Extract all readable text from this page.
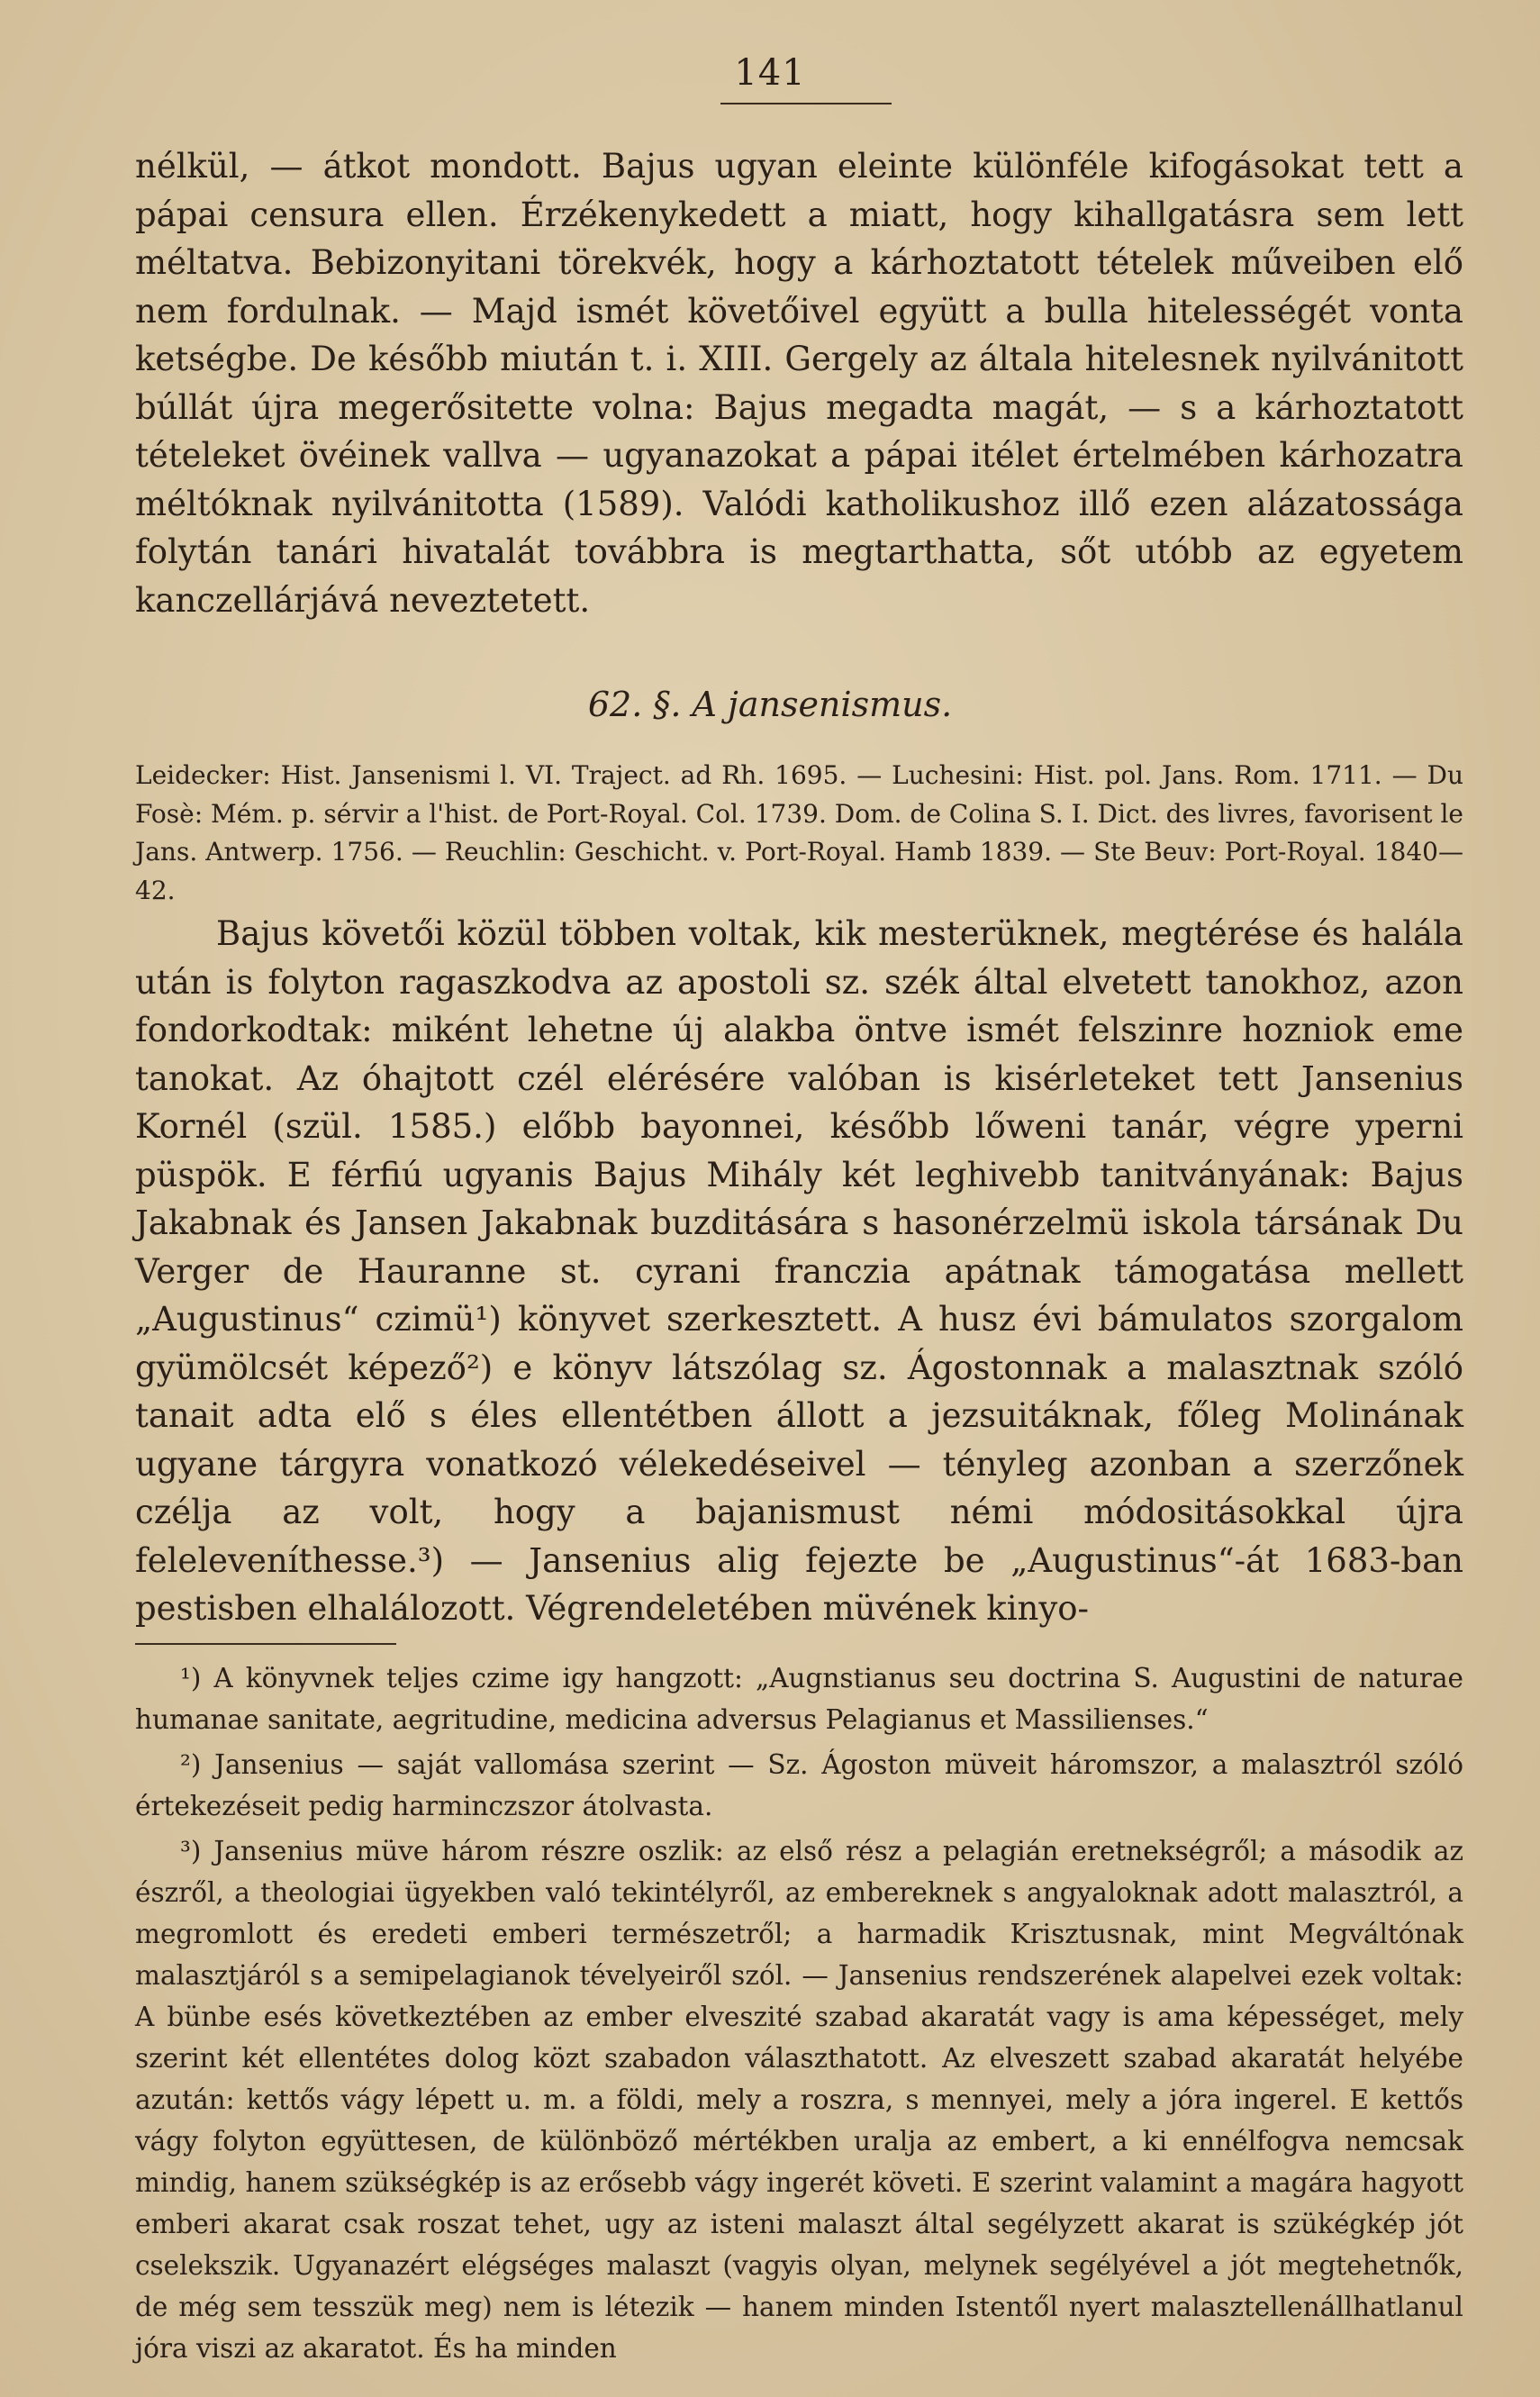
141

nélkül, — átkot mondott. Bajus ugyan eleinte különféle kifogásokat tett a pápai censura ellen. Érzékenykedett a miatt, hogy kihallgatásra sem lett méltatva. Bebizonyitani törekvék, hogy a kárhoztatott tételek műveiben elő nem fordulnak. — Majd ismét követőivel együtt a bulla hitelességét vonta ketségbe. De később miután t. i. XIII. Gergely az általa hitelesnek nyilvánitott búllát újra megerősitette volna: Bajus megadta magát, — s a kárhoztatott tételeket övéinek vallva — ugyanazokat a pápai itélet értelmében kárhozatra méltóknak nyilvánitotta (1589). Valódi katholikushoz illő ezen alázatossága folytán tanári hivatalát továbbra is megtarthatta, sőt utóbb az egyetem kanczellárjává neveztetett.

62. §. A jansenismus.

Leidecker: Hist. Jansenismi l. VI. Traject. ad Rh. 1695. — Luchesini: Hist. pol. Jans. Rom. 1711. — Du Fosè: Mém. p. sérvir a l'hist. de Port-Royal. Col. 1739. Dom. de Colina S. I. Dict. des livres, favorisent le Jans. Antwerp. 1756. — Reuchlin: Geschicht. v. Port-Royal. Hamb 1839. — Ste Beuv: Port-Royal. 1840—42.

Bajus követői közül többen voltak, kik mesterüknek, megtérése és halála után is folyton ragaszkodva az apostoli sz. szék által elvetett tanokhoz, azon fondorkodtak: miként lehetne új alakba öntve ismét felszinre hozniok eme tanokat. Az óhajtott czél elérésére valóban is kisérleteket tett Jansenius Kornél (szül. 1585.) előbb bayonnei, később lőweni tanár, végre yperni püspök. E férfiú ugyanis Bajus Mihály két leghivebb tanitványának: Bajus Jakabnak és Jansen Jakabnak buzditására s hasonérzelmü iskola társának Du Verger de Hauranne st. cyrani franczia apátnak támogatása mellett „Augustinus“ czimü¹) könyvet szerkesztett. A husz évi bámulatos szorgalom gyümölcsét képező²) e könyv látszólag sz. Ágostonnak a malasztnak szóló tanait adta elő s éles ellentétben állott a jezsuitáknak, főleg Molinának ugyane tárgyra vonatkozó vélekedéseivel — tényleg azonban a szerzőnek czélja az volt, hogy a bajanismust némi módositásokkal újra feleleveníthesse.³) — Jansenius alig fejezte be „Augustinus“-át 1683-ban pestisben elhalálozott. Végrendeletében müvének kinyo-

¹) A könyvnek teljes czime igy hangzott: „Augnstianus seu doctrina S. Augustini de naturae humanae sanitate, aegritudine, medicina adversus Pelagianus et Massilienses.“

²) Jansenius — saját vallomása szerint — Sz. Ágoston müveit háromszor, a malasztról szóló értekezéseit pedig harminczszor átolvasta.

³) Jansenius müve három részre oszlik: az első rész a pelagián eretnekségről; a második az észről, a theologiai ügyekben való tekintélyről, az embereknek s angyaloknak adott malasztról, a megromlott és eredeti emberi természetről; a harmadik Krisztusnak, mint Megváltónak malasztjáról s a semipelagianok tévelyeiről szól. — Jansenius rendszerének alapelvei ezek voltak: A bünbe esés következtében az ember elveszité szabad akaratát vagy is ama képességet, mely szerint két ellentétes dolog közt szabadon választhatott. Az elveszett szabad akaratát helyébe azután: kettős vágy lépett u. m. a földi, mely a roszra, s mennyei, mely a jóra ingerel. E kettős vágy folyton együttesen, de különböző mértékben uralja az embert, a ki ennélfogva nemcsak mindig, hanem szükségkép is az erősebb vágy ingerét követi. E szerint valamint a magára hagyott emberi akarat csak roszat tehet, ugy az isteni malaszt által segélyzett akarat is szükégkép jót cselekszik. Ugyanazért elégséges malaszt (vagyis olyan, melynek segélyével a jót megtehetnők, de még sem tesszük meg) nem is létezik — hanem minden Istentől nyert malasztellenállhatlanul jóra viszi az akaratot. És ha minden
